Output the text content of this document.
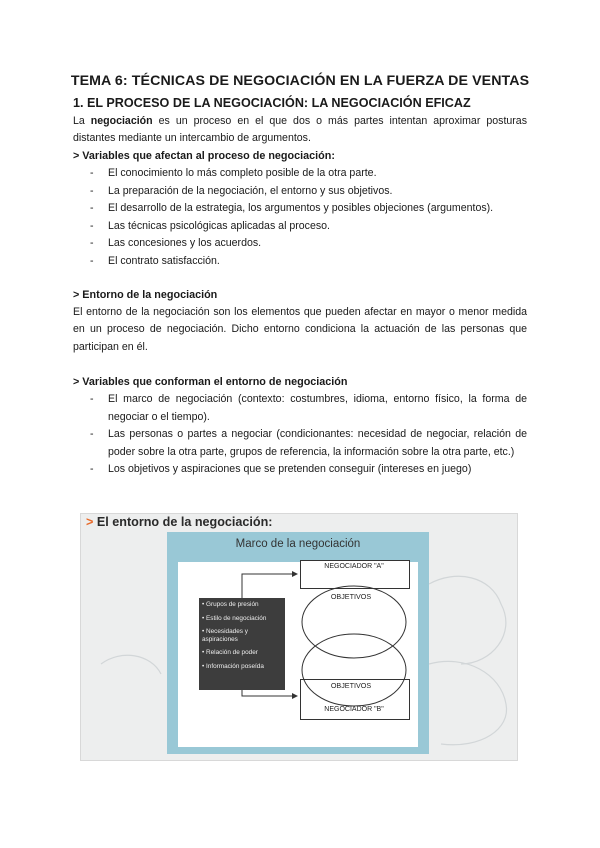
TEMA 6: TÉCNICAS DE NEGOCIACIÓN EN LA FUERZA DE VENTAS
1. EL PROCESO DE LA NEGOCIACIÓN: LA NEGOCIACIÓN EFICAZ

La negociación es un proceso en el que dos o más partes intentan aproximar posturas distantes mediante un intercambio de argumentos.

> Variables que afectan al proceso de negociación:
- El conocimiento lo más completo posible de la otra parte.
- La preparación de la negociación, el entorno y sus objetivos.
- El desarrollo de la estrategia, los argumentos y posibles objeciones (argumentos).
- Las técnicas psicológicas aplicadas al proceso.
- Las concesiones y los acuerdos.
- El contrato satisfacción.
> Entorno de la negociación

El entorno de la negociación son los elementos que pueden afectar en mayor o menor medida en un proceso de negociación. Dicho entorno condiciona la actuación de las personas que participan en él.

> Variables que conforman el entorno de negociación
- El marco de negociación (contexto: costumbres, idioma, entorno físico, la forma de negociar o el tiempo).
- Las personas o partes a negociar (condicionantes: necesidad de negociar, relación de poder sobre la otra parte, grupos de referencia, la información sobre la otra parte, etc.)
- Los objetivos y aspiraciones que se pretenden conseguir (intereses en juego)
> El entorno de la negociación:
Marco de la negociación
NEGOCIADOR "A"
NEGOCIADOR "B"
OBJETIVOS
OBJETIVOS
• Grupos de presión
• Estilo de negociación
• Necesidades y aspiraciones
• Relación de poder
• Información poseída
